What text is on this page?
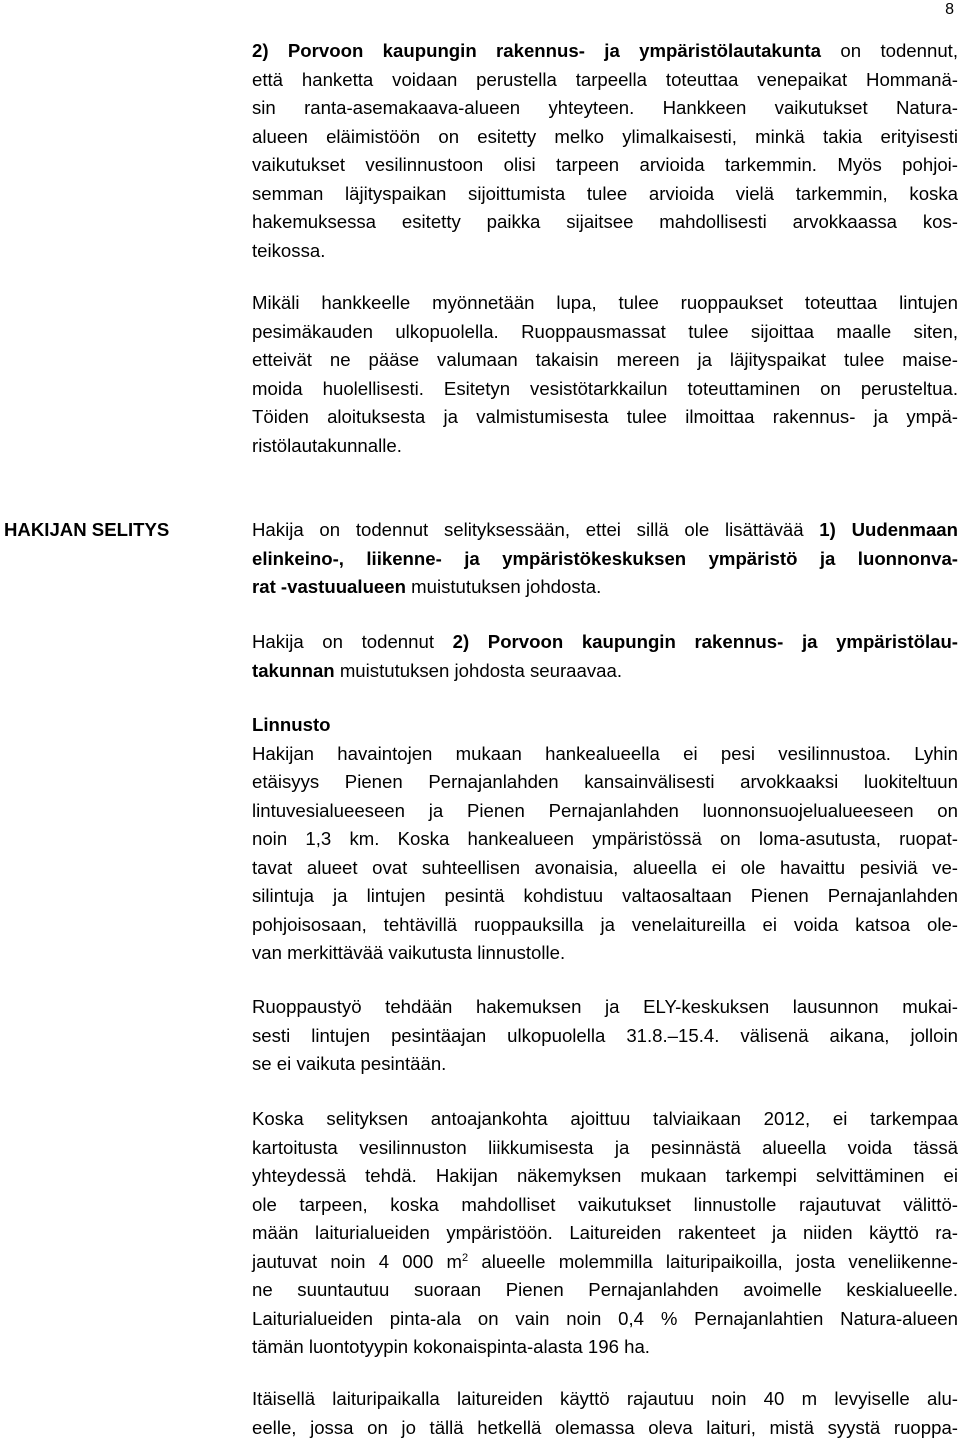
8
2) Porvoon kaupungin rakennus- ja ympäristölautakunta on todennut,
että hanketta voidaan perustella tarpeella toteuttaa venepaikat Hommanä-
sin ranta-asemakaava-alueen yhteyteen. Hankkeen vaikutukset Natura-
alueen eläimistöön on esitetty melko ylimalkaisesti, minkä takia erityisesti
vaikutukset vesilinnustoon olisi tarpeen arvioida tarkemmin. Myös pohjoi-
semman läjityspaikan sijoittumista tulee arvioida vielä tarkemmin, koska
hakemuksessa esitetty paikka sijaitsee mahdollisesti arvokkaassa kos-
teikossa.
Mikäli hankkeelle myönnetään lupa, tulee ruoppaukset toteuttaa lintujen
pesimäkauden ulkopuolella. Ruoppausmassat tulee sijoittaa maalle siten,
etteivät ne pääse valumaan takaisin mereen ja läjityspaikat tulee maise-
moida huolellisesti. Esitetyn vesistötarkkailun toteuttaminen on perusteltua.
Töiden aloituksesta ja valmistumisesta tulee ilmoittaa rakennus- ja ympä-
ristölautakunnalle.
HAKIJAN SELITYS	Hakija on todennut selityksessään, ettei sillä ole lisättävää 1) Uudenmaan
elinkeino-, liikenne- ja ympäristökeskuksen ympäristö ja luonnonva-
rat -vastuualueen muistutuksen johdosta.
Hakija on todennut 2) Porvoon kaupungin rakennus- ja ympäristölau-
takunnan muistutuksen johdosta seuraavaa.
Linnusto
Hakijan havaintojen mukaan hankealueella ei pesi vesilinnustoa. Lyhin
etäisyys Pienen Pernajanlahden kansainvälisesti arvokkaaksi luokiteltuun
lintuvesialueeseen ja Pienen Pernajanlahden luonnonsuojelualueeseen on
noin 1,3 km. Koska hankealueen ympäristössä on loma-asutusta, ruopat-
tavat alueet ovat suhteellisen avonaisia, alueella ei ole havaittu pesiviä ve-
silintuja ja lintujen pesintä kohdistuu valtaosaltaan Pienen Pernajanlahden
pohjoisosaan, tehtävillä ruoppauksilla ja venelaitureilla ei voida katsoa ole-
van merkittävää vaikutusta linnustolle.
Ruoppaustyö tehdään hakemuksen ja ELY-keskuksen lausunnon mukai-
sesti lintujen pesintäajan ulkopuolella 31.8.–15.4. välisenä aikana, jolloin
se ei vaikuta pesintään.
Koska selityksen antoajankohta ajoittuu talviaikaan 2012, ei tarkempaa
kartoitusta vesilinnuston liikkumisesta ja pesinnästä alueella voida tässä
yhteydessä tehdä. Hakijan näkemyksen mukaan tarkempi selvittäminen ei
ole tarpeen, koska mahdolliset vaikutukset linnustolle rajautuvat välittö-
mään laiturialueiden ympäristöön. Laitureiden rakenteet ja niiden käyttö ra-
jautuvat noin 4 000 $m^2$ alueelle molemmilla laituripaikoilla, josta veneliikenne-
ne suuntautuu suoraan Pienen Pernajanlahden avoimelle keskialueelle.
Laiturialueiden pinta-ala on vain noin 0,4 % Pernajanlahtien Natura-alueen
tämän luontotyypin kokonaispinta-alasta 196 ha.
Itäisellä laituripaikalla laitureiden käyttö rajautuu noin 40 m levyiselle alu-
eelle, jossa on jo tällä hetkellä olemassa oleva laituri, mistä syystä ruoppa-
